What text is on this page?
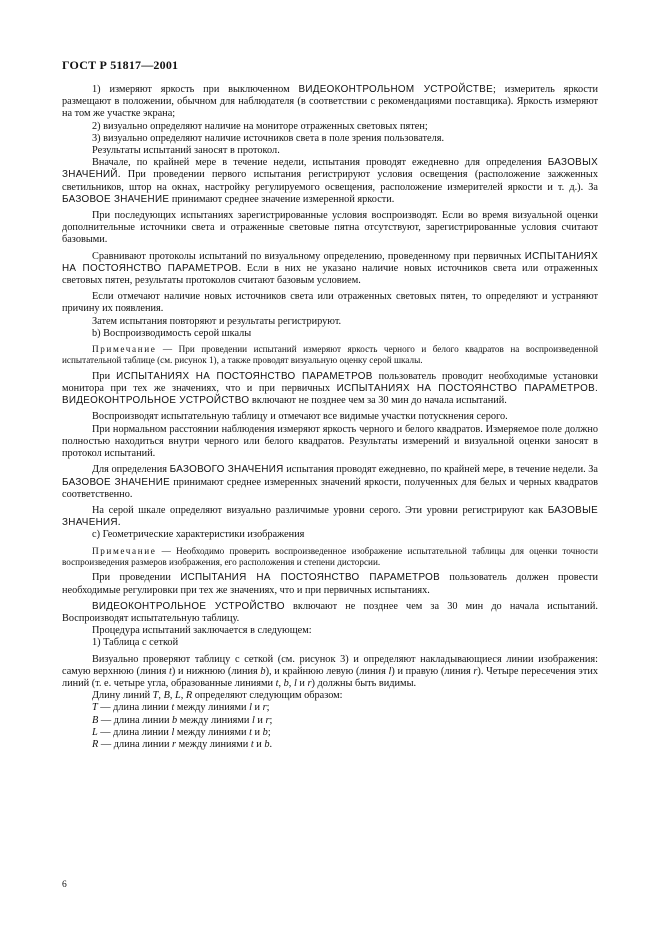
ГОСТ Р 51817—2001

1) измеряют яркость при выключенном ВИДЕОКОНТРОЛЬНОМ УСТРОЙСТВЕ; измеритель яркости размещают в положении, обычном для наблюдателя (в соответствии с рекомендациями поставщика). Яркость измеряют на том же участке экрана;

2) визуально определяют наличие на мониторе отраженных световых пятен;

3) визуально определяют наличие источников света в поле зрения пользователя.

Результаты испытаний заносят в протокол.

Вначале, по крайней мере в течение недели, испытания проводят ежедневно для определения БАЗОВЫХ ЗНАЧЕНИЙ. При проведении первого испытания регистрируют условия освещения (расположение зажженных светильников, штор на окнах, настройку регулируемого освещения, расположение измерителей яркости и т. д.). За БАЗОВОЕ ЗНАЧЕНИЕ принимают среднее значение измеренной яркости.

При последующих испытаниях зарегистрированные условия воспроизводят. Если во время визуальной оценки дополнительные источники света и отраженные световые пятна отсутствуют, зарегистрированные условия считают базовыми.

Сравнивают протоколы испытаний по визуальному определению, проведенному при первичных ИСПЫТАНИЯХ НА ПОСТОЯНСТВО ПАРАМЕТРОВ. Если в них не указано наличие новых источников света или отраженных световых пятен, результаты протоколов считают базовым условием.

Если отмечают наличие новых источников света или отраженных световых пятен, то определяют и устраняют причину их появления.

Затем испытания повторяют и результаты регистрируют.

b) Воспроизводимость серой шкалы

Примечание — При проведении испытаний измеряют яркость черного и белого квадратов на воспроизведенной испытательной таблице (см. рисунок 1), а также проводят визуальную оценку серой шкалы.

При ИСПЫТАНИЯХ НА ПОСТОЯНСТВО ПАРАМЕТРОВ пользователь проводит необходимые установки монитора при тех же значениях, что и при первичных ИСПЫТАНИЯХ НА ПОСТОЯНСТВО ПАРАМЕТРОВ. ВИДЕОКОНТРОЛЬНОЕ УСТРОЙСТВО включают не позднее чем за 30 мин до начала испытаний.

Воспроизводят испытательную таблицу и отмечают все видимые участки потускнения серого.

При нормальном расстоянии наблюдения измеряют яркость черного и белого квадратов. Измеряемое поле должно полностью находиться внутри черного или белого квадратов. Результаты измерений и визуальной оценки заносят в протокол испытаний.

Для определения БАЗОВОГО ЗНАЧЕНИЯ испытания проводят ежедневно, по крайней мере, в течение недели. За БАЗОВОЕ ЗНАЧЕНИЕ принимают среднее измеренных значений яркости, полученных для белых и черных квадратов соответственно.

На серой шкале определяют визуально различимые уровни серого. Эти уровни регистрируют как БАЗОВЫЕ ЗНАЧЕНИЯ.

c) Геометрические характеристики изображения

Примечание — Необходимо проверить воспроизведенное изображение испытательной таблицы для оценки точности воспроизведения размеров изображения, его расположения и степени дисторсии.

При проведении ИСПЫТАНИЯ НА ПОСТОЯНСТВО ПАРАМЕТРОВ пользователь должен провести необходимые регулировки при тех же значениях, что и при первичных испытаниях.

ВИДЕОКОНТРОЛЬНОЕ УСТРОЙСТВО включают не позднее чем за 30 мин до начала испытаний. Воспроизводят испытательную таблицу.

Процедура испытаний заключается в следующем:

1) Таблица с сеткой

Визуально проверяют таблицу с сеткой (см. рисунок 3) и определяют накладывающиеся линии изображения: самую верхнюю (линия t) и нижнюю (линия b), и крайнюю левую (линия l) и правую (линия r). Четыре пересечения этих линий (т. е. четыре угла, образованные линиями t, b, l и r) должны быть видимы.

Длину линий T, B, L, R определяют следующим образом:

T — длина линии t между линиями l и r;

B — длина линии b между линиями l и r;

L — длина линии l между линиями t и b;

R — длина линии r между линиями t и b.

6
